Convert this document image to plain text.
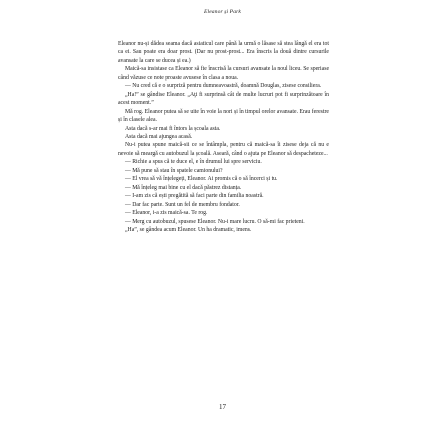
Eleanor și Park

Eleanor nu-și dădea seama dacă asiaticul care până la urmă o lăsase să stea lângă el era tot ca ei. Sau poate era doar prost. (Dar nu prost-prost... Era înscris la două dintre cursurile avansate la care se ducea și ea.)

Maică-sa insistase ca Eleanor să fie înscrisă la cursuri avansate la noul liceu. Se speriase când văzuse ce note proaste avusese în clasa a noua.

— Nu cred că e o surpriză pentru dumneavoastră, doamnă Douglas, zisese consiliera.

„Ha!” se gândise Eleanor. „Aţi fi surprinsă cât de multe lucruri pot fi surprinzătoare în acest moment.”

Mă rog. Eleanor putea să se uite în voie la nori și în timpul orelor avansate. Erau ferestre și în clasele alea.

Asta dacă s-ar mai fi întors la școala asta.

Asta dacă mai ajungea acasă.

Nu-i putea spune maică-sii ce se întâmpla, pentru că maică-sa îi zisese deja că nu e nevoie să meargă cu autobuzul la școală. Aseară, când o ajuta pe Eleanor să despacheteze...

— Richie a spus că te duce el, e în drumul lui spre serviciu.

— Mă pune să stau în spatele camionului?

— El vrea să vă înțelegeți, Eleanor. Ai promis că o să încerci și tu.

— Mă înțeleg mai bine cu el dacă păstrez distanța.

— I-am zis că ești pregătită să faci parte din familia noastră.

— Dar fac parte. Sunt un fel de membru fondator.

— Eleanor, i-a zis maică-sa. Te rog.

— Merg cu autobuzul, spusese Eleanor. Nu-i mare lucru. O să-mi fac prieteni.

„Ha”, se gândea acum Eleanor. Un ha dramatic, imens.

17
